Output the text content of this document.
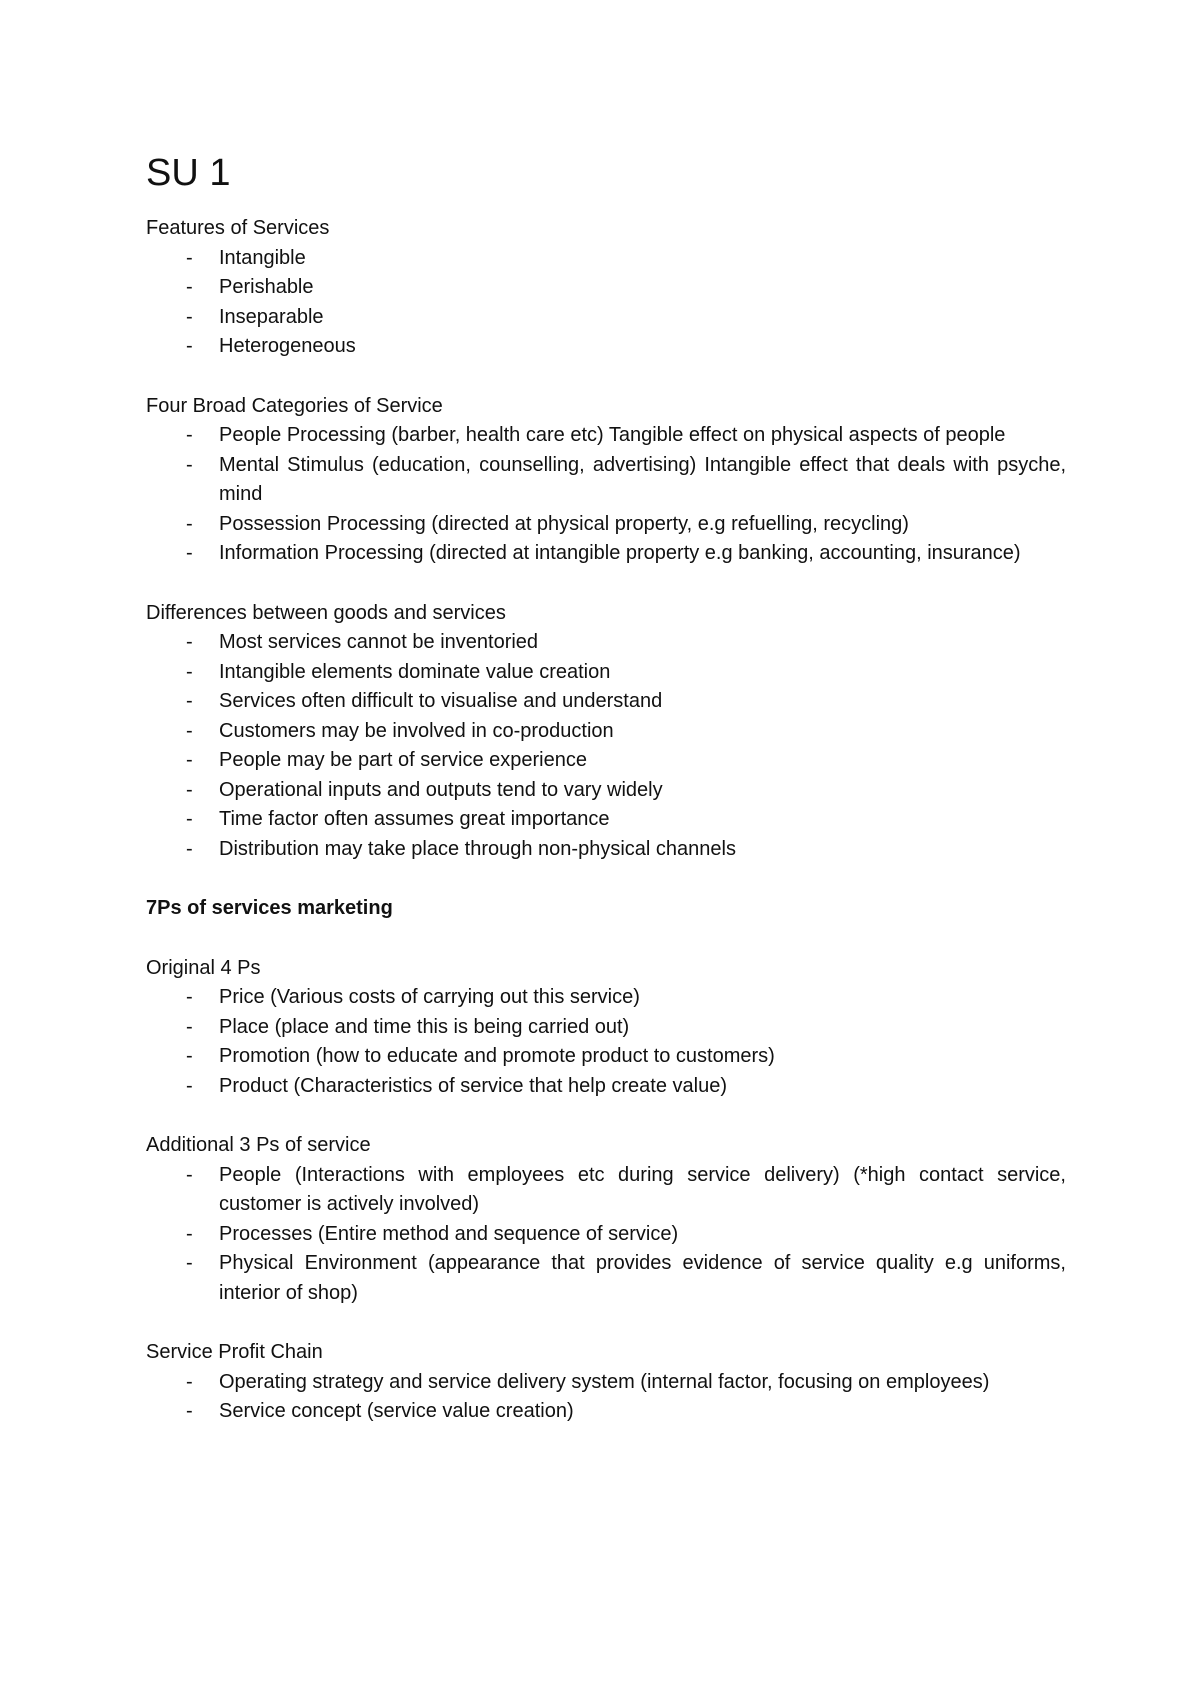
SU 1

Features of Services

- Intangible
- Perishable
- Inseparable
- Heterogeneous

Four Broad Categories of Service

- People Processing (barber, health care etc) Tangible effect on physical aspects of people
- Mental Stimulus (education, counselling, advertising) Intangible effect that deals with psyche, mind
- Possession Processing (directed at physical property, e.g refuelling, recycling)
- Information Processing (directed at intangible property e.g banking, accounting, insurance)

Differences between goods and services

- Most services cannot be inventoried
- Intangible elements dominate value creation
- Services often difficult to visualise and understand
- Customers may be involved in co-production
- People may be part of service experience
- Operational inputs and outputs tend to vary widely
- Time factor often assumes great importance
- Distribution may take place through non-physical channels

7Ps of services marketing

Original 4 Ps

- Price (Various costs of carrying out this service)
- Place (place and time this is being carried out)
- Promotion (how to educate and promote product to customers)
- Product (Characteristics of service that help create value)

Additional 3 Ps of service

- People (Interactions with employees etc during service delivery) (*high contact service, customer is actively involved)
- Processes (Entire method and sequence of service)
- Physical Environment (appearance that provides evidence of service quality e.g uniforms, interior of shop)

Service Profit Chain

- Operating strategy and service delivery system (internal factor, focusing on employees)
- Service concept (service value creation)
